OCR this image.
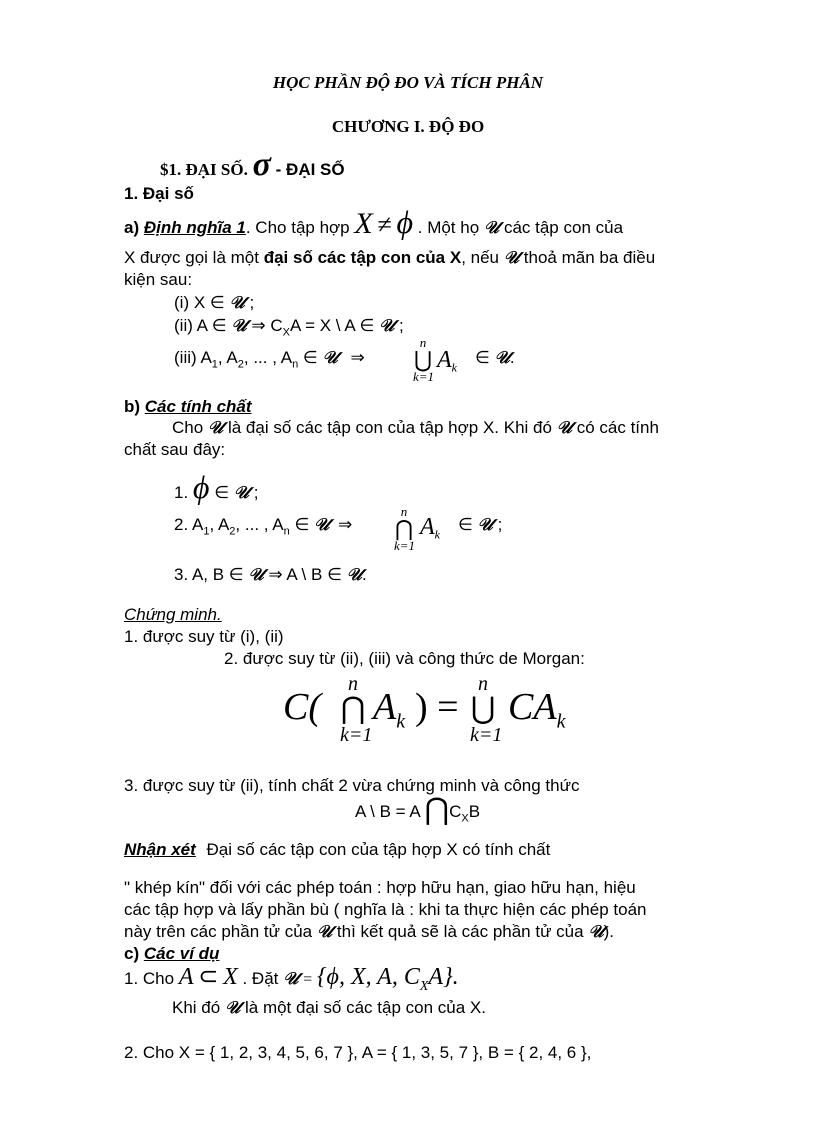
HỌC PHẦN ĐỘ ĐO VÀ TÍCH PHÂN
CHƯƠNG I. ĐỘ ĐO
$1. ĐẠI SỐ. σ - ĐẠI SỐ
1. Đại số
a) Định nghĩa 1. Cho tập hợp X ≠ ϕ . Một họ 𝒰 các tập con của
X được gọi là một đại số các tập con của X, nếu 𝒰 thoả mãn ba điều
kiện sau:
(i) X ∈ 𝒰 ;
(ii) A ∈ 𝒰 ⇒ $C_XA = X$ \ A ∈ 𝒰 ;
(iii) $A_1$, $A_2$, ... , $A_n$ ∈ 𝒰 ⇒
n
⋃
k=1
$A_k$
∈ 𝒰.
b) Các tính chất
Cho 𝒰 là đại số các tập con của tập hợp X. Khi đó 𝒰 có các tính
chất sau đây:
1. ϕ ∈ 𝒰 ;
2. $A_1$, $A_2$, ... , $A_n$ ∈ 𝒰 ⇒
n
⋂
k=1
$A_k$
∈ 𝒰 ;
3. A, B ∈ 𝒰 ⇒ A \ B ∈ 𝒰.
Chứng minh.
1. được suy từ (i), (ii)
2. được suy từ (ii), (iii) và công thức de Morgan:
C(
n
⋂
k=1
$A_k$ ) =
n
⋃
k=1
$CA_k$
3. được suy từ (ii), tính chất 2 vừa chứng minh và công thức
A \ B = A $⋂C_XB$
Nhận xét Đại số các tập con của tập hợp X có tính chất
" khép kín" đối với các phép toán : hợp hữu hạn, giao hữu hạn, hiệu
các tập hợp và lấy phần bù ( nghĩa là : khi ta thực hiện các phép toán
này trên các phần tử của 𝒰 thì kết quả sẽ là các phần tử của 𝒰).
c) Các ví dụ
1. Cho A ⊂ X . Đặt 𝒰 = {ϕ, X, A, $C_XA$}.
Khi đó 𝒰 là một đại số các tập con của X.
2. Cho X = { 1, 2, 3, 4, 5, 6, 7 }, A = { 1, 3, 5, 7 }, B = { 2, 4, 6 },
